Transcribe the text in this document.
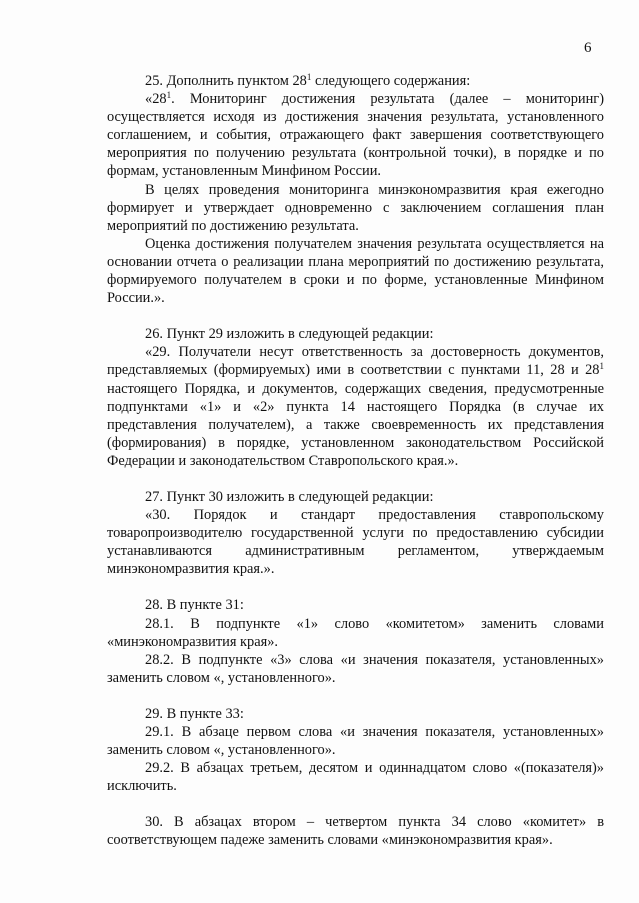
6

25. Дополнить пунктом $28^1$ следующего содержания:

«$28^1$. Мониторинг достижения результата (далее – мониторинг) осуществляется исходя из достижения значения результата, установленного соглашением, и события, отражающего факт завершения соответствующего мероприятия по получению результата (контрольной точки), в порядке и по формам, установленным Минфином России.

В целях проведения мониторинга минэкономразвития края ежегодно формирует и утверждает одновременно с заключением соглашения план мероприятий по достижению результата.

Оценка достижения получателем значения результата осуществляется на основании отчета о реализации плана мероприятий по достижению результата, формируемого получателем в сроки и по форме, установленные Минфином России.».

26. Пункт 29 изложить в следующей редакции:

«29. Получатели несут ответственность за достоверность документов, представляемых (формируемых) ими в соответствии с пунктами 11, 28 и $28^1$ настоящего Порядка, и документов, содержащих сведения, предусмотренные подпунктами «1» и «2» пункта 14 настоящего Порядка (в случае их представления получателем), а также своевременность их представления (формирования) в порядке, установленном законодательством Российской Федерации и законодательством Ставропольского края.».

27. Пункт 30 изложить в следующей редакции:

«30. Порядок и стандарт предоставления ставропольскому товаропроизводителю государственной услуги по предоставлению субсидии устанавливаются административным регламентом, утверждаемым минэкономразвития края.».

28. В пункте 31:

28.1. В подпункте «1» слово «комитетом» заменить словами «минэкономразвития края».

28.2. В подпункте «3» слова «и значения показателя, установленных» заменить словом «, установленного».

29. В пункте 33:

29.1. В абзаце первом слова «и значения показателя, установленных» заменить словом «, установленного».

29.2. В абзацах третьем, десятом и одиннадцатом слово «(показателя)» исключить.

30. В абзацах втором – четвертом пункта 34 слово «комитет» в соответствующем падеже заменить словами «минэкономразвития края».
